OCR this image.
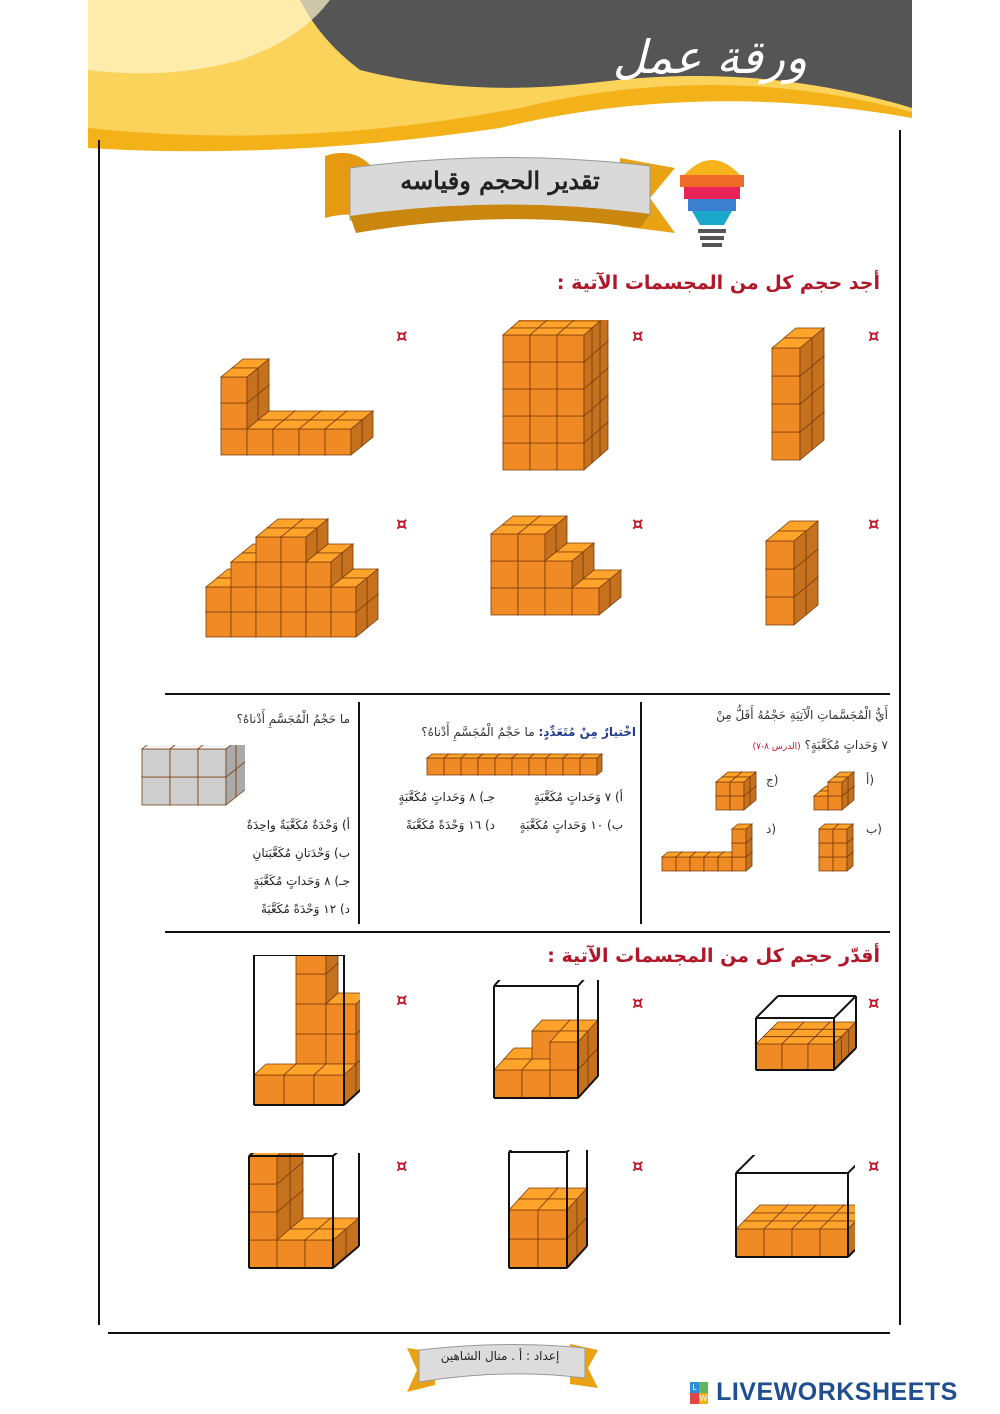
ورقة عمل
تقدير الحجم وقياسه
أجد حجم كل من المجسمات الآتية :
¤
¤
¤
¤
¤
¤
أَيُّ الْمُجَسَّماتِ الْآتِيَةِ حَجْمُهُ أَقَلُّ مِنْ
٧ وَحَداتٍ مُكَعَّبَةٍ؟ (الدرس ٨-٧)
أ)
ج)
ب)
د)
اخْتيارٌ مِنْ مُتَعَدِّدٍ: ما حَجْمُ الْمُجَسَّمِ أَدْناهُ؟
أ) ٧ وَحَداتٍ مُكَعَّبَةٍ
جـ) ٨ وَحَداتٍ مُكَعَّبَةٍ
ب) ١٠ وَحَداتٍ مُكَعَّبَةٍ
د) ١٦ وَحْدَةً مُكَعَّبَةً
ما حَجْمُ الْمُجَسَّمِ أَدْناهُ؟
أ) وَحْدَةٌ مُكَعَّبَةٌ واحِدَةٌ
ب) وَحْدَتانِ مُكَعَّبَتانِ
جـ) ٨ وَحَداتٍ مُكَعَّبَةٍ
د) ١٢ وَحْدَةً مُكَعَّبَةً
أقدّر حجم كل من المجسمات الآتية :
¤
¤
¤
¤
¤
¤
إعداد : أ . منال الشاهين
L
W LIVEWORKSHEETS
